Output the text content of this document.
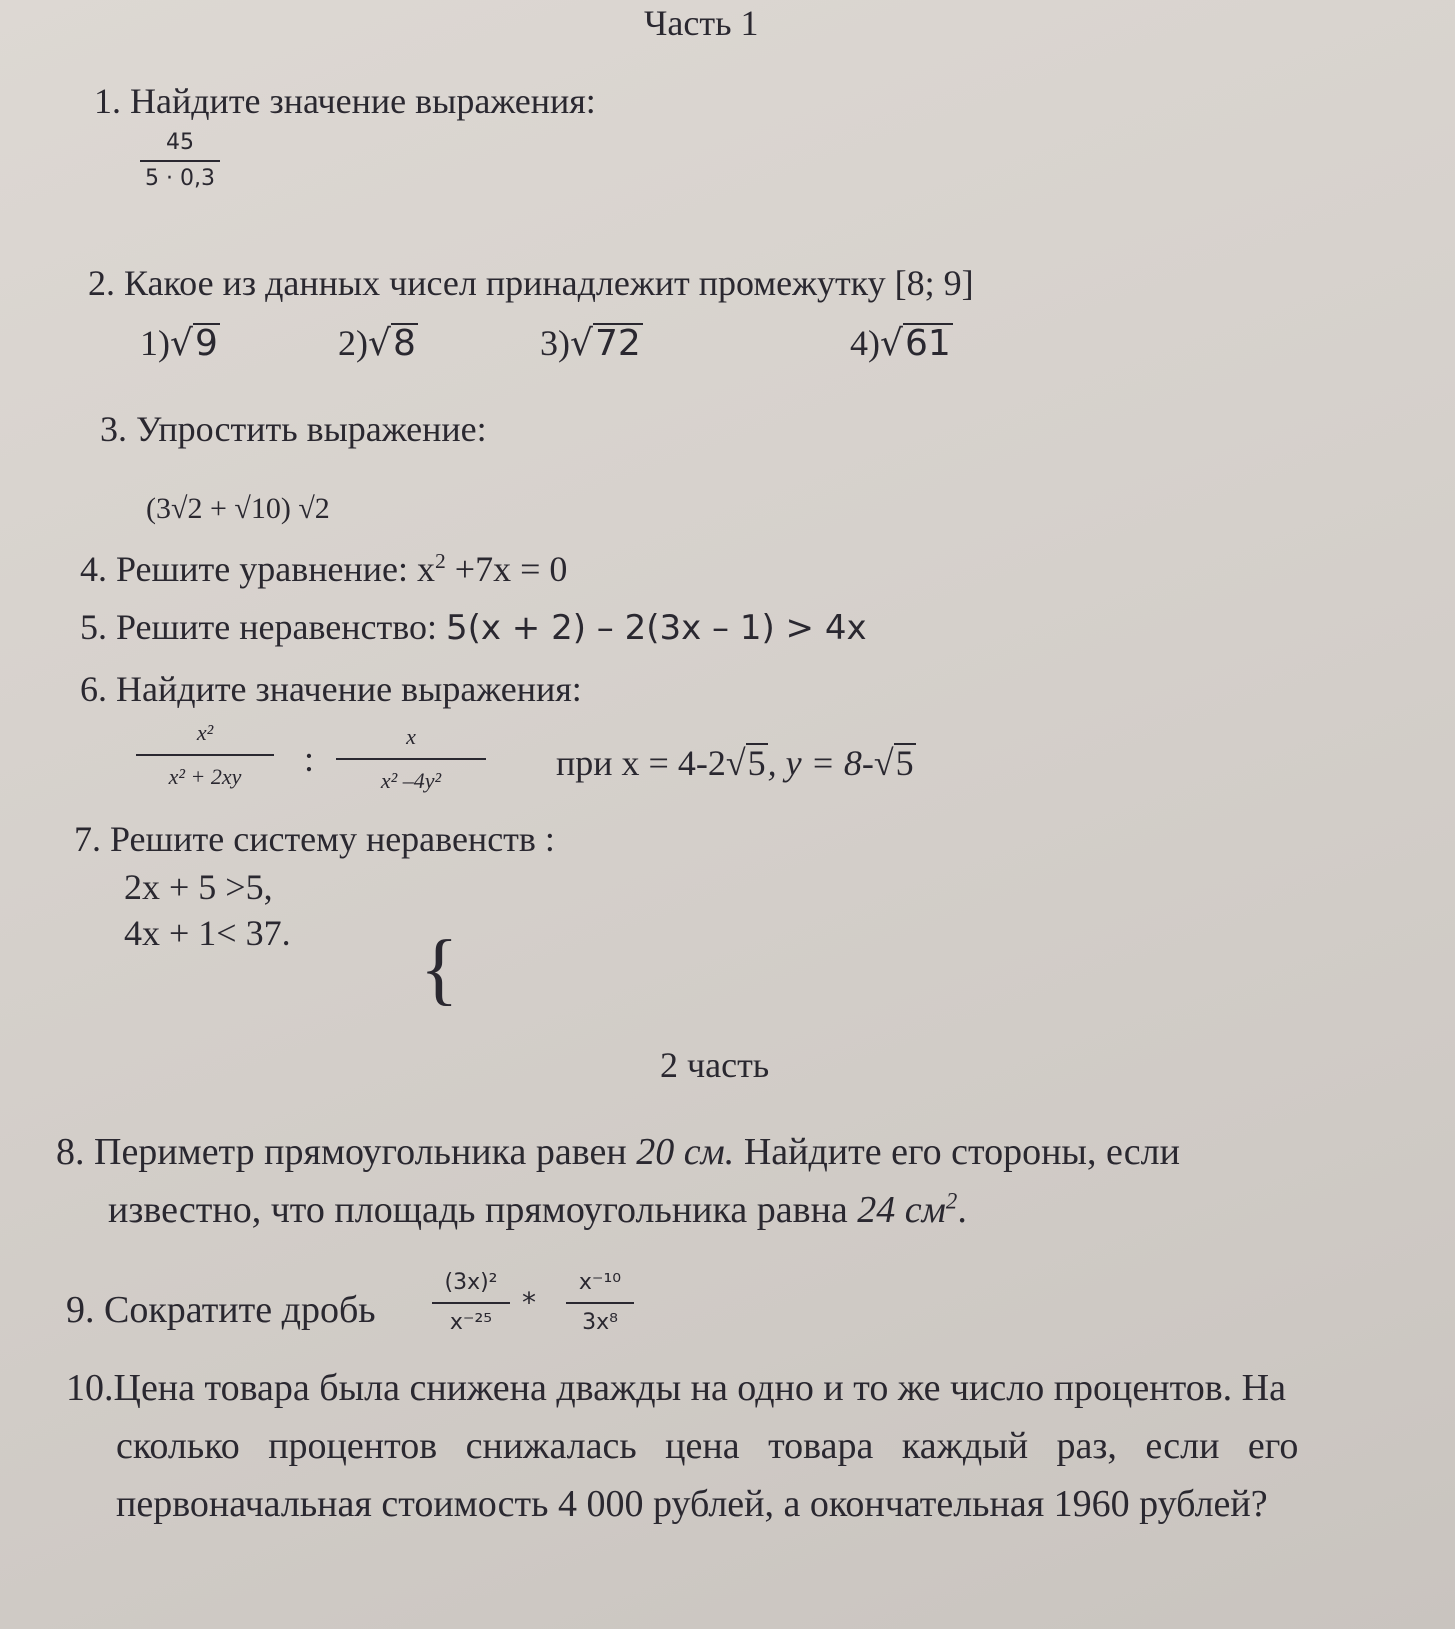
Часть 1
1. Найдите значение выражения:
45
5 · 0,3
2. Какое из данных чисел принадлежит промежутку [8; 9]
1)√9	2)√8	3)√72	4)√61
3. Упростить выражение:
(3√2 + √10) √2
4. Решите уравнение: $x^2 +7x = 0$
5. Решите неравенство: 5(x + 2) – 2(3x – 1) > 4x
6. Найдите значение выражения:
x²
x² + 2xy	:
x
x² –4y²	при x = 4-2√5, y = 8-√5
7. Решите систему неравенств :
2x + 5 >5,
4x + 1< 37. {
2 часть
8. Периметр прямоугольника равен 20 см. Найдите его стороны, если
известно, что площадь прямоугольника равна 24 $см^2$.
9. Сократите дробь
(3x)²
x⁻²⁵
*
x⁻¹⁰
3x⁸
10.Цена товара была снижена дважды на одно и то же число процентов. На
сколько   процентов   снижалась   цена   товара   каждый   раз,   если   его
первоначальная стоимость 4 000 рублей, а окончательная 1960 рублей?
